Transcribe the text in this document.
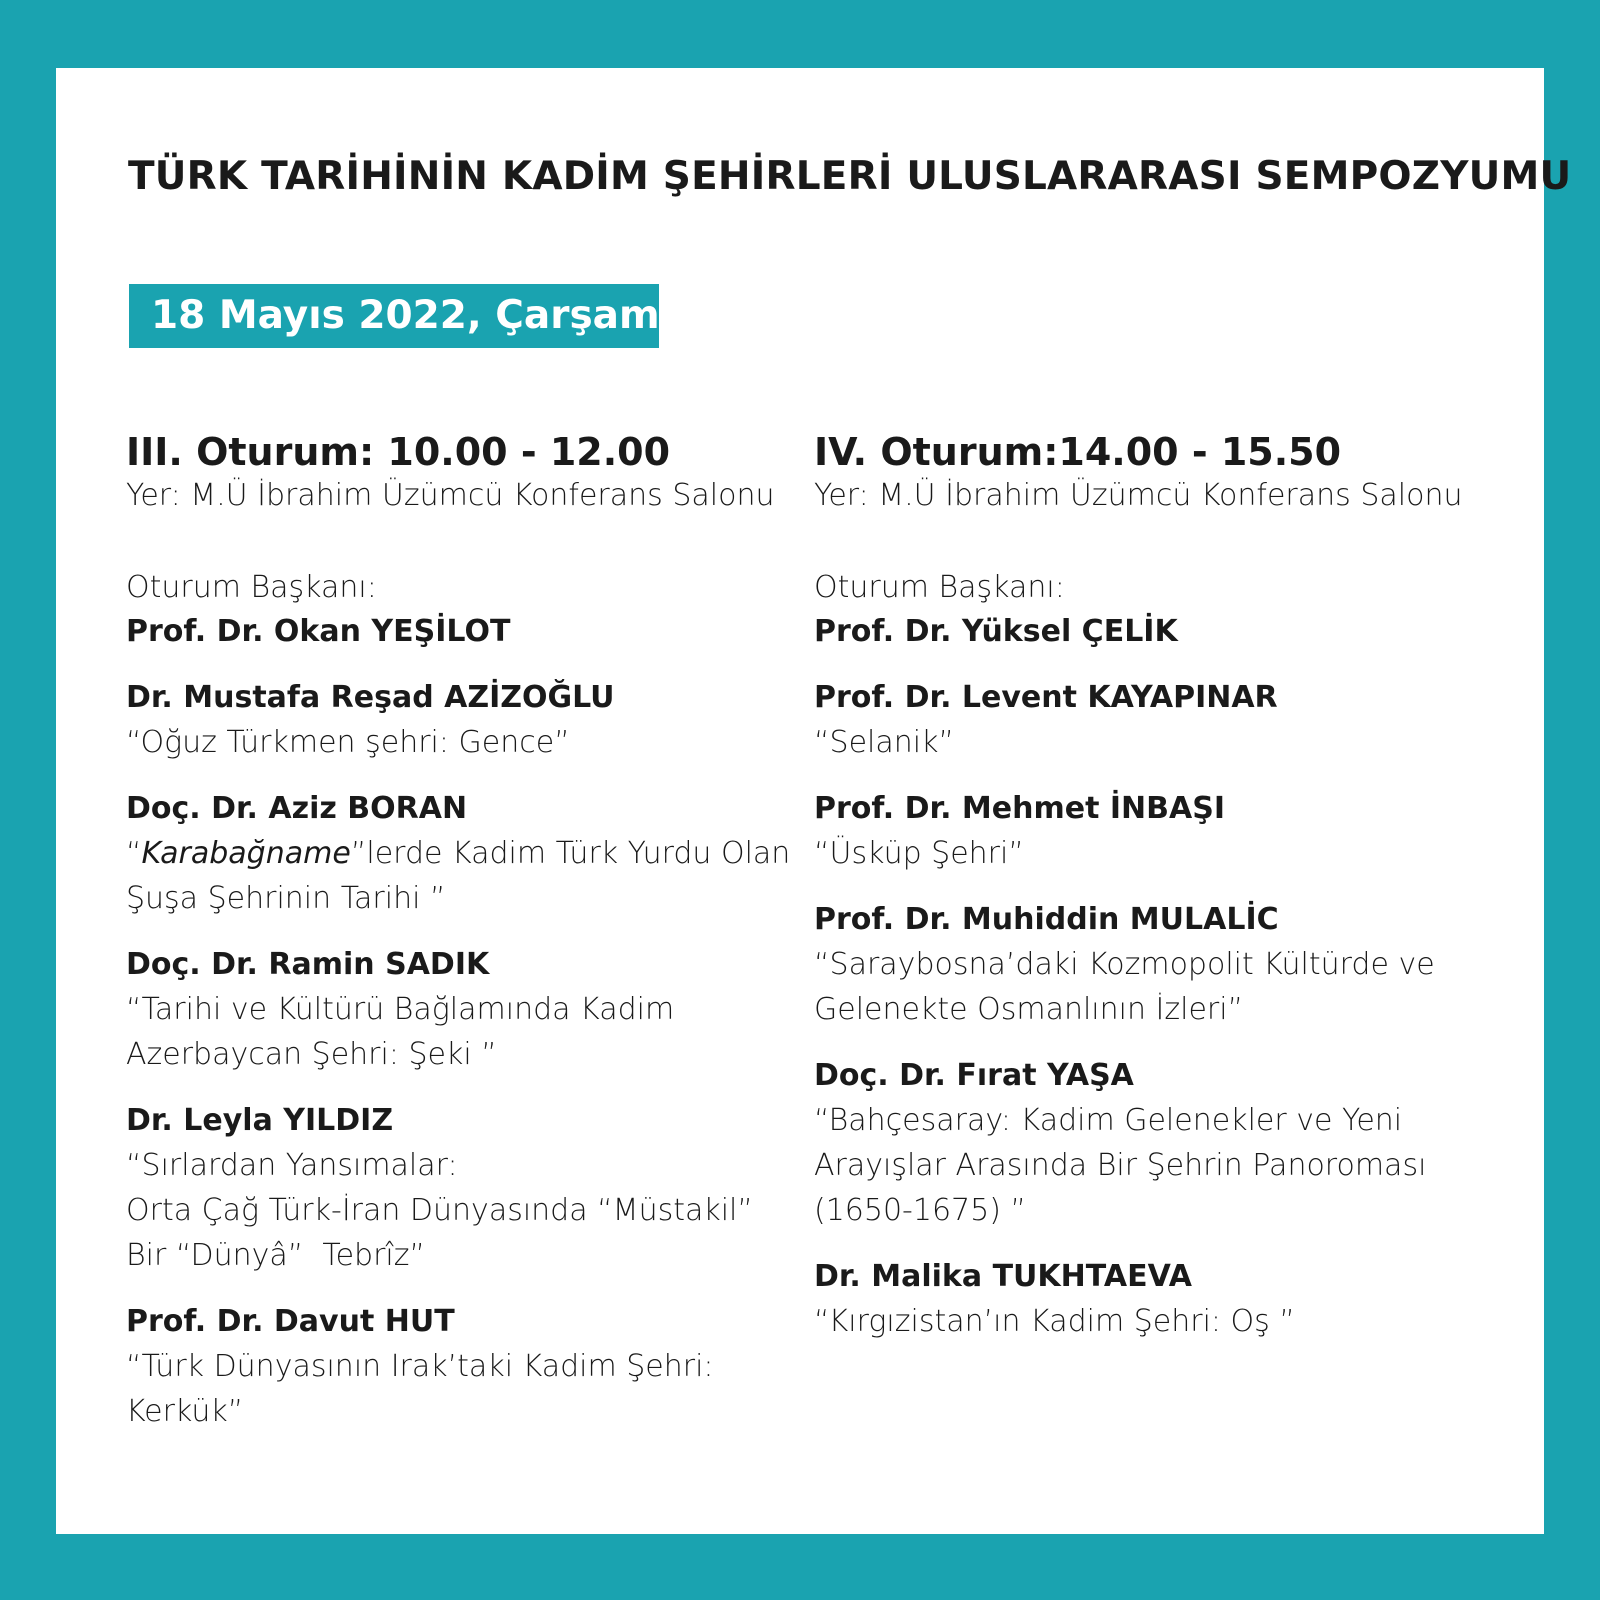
TÜRK TARİHİNİN KADİM ŞEHİRLERİ ULUSLARARASI SEMPOZYUMU
18 Mayıs 2022, Çarşamba
III. Oturum: 10.00 - 12.00
Yer: M.Ü İbrahim Üzümcü Konferans Salonu
Oturum Başkanı:
Prof. Dr. Okan YEŞİLOT
Dr. Mustafa Reşad AZİZOĞLU
“Oğuz Türkmen şehri: Gence”
Doç. Dr. Aziz BORAN
“Karabağname”lerde Kadim Türk Yurdu Olan Şuşa Şehrinin Tarihi ”
Doç. Dr. Ramin SADIK
“Tarihi ve Kültürü Bağlamında Kadim Azerbaycan Şehri: Şeki ”
Dr. Leyla YILDIZ
“Sırlardan Yansımalar:
Orta Çağ Türk-İran Dünyasında “Müstakil”
Bir “Dünyâ”  Tebrîz”
Prof. Dr. Davut HUT
“Türk Dünyasının Irak’taki Kadim Şehri: Kerkük”
IV. Oturum:14.00 - 15.50
Yer: M.Ü İbrahim Üzümcü Konferans Salonu
Oturum Başkanı:
Prof. Dr. Yüksel ÇELİK
Prof. Dr. Levent KAYAPINAR
“Selanik”
Prof. Dr. Mehmet İNBAŞI
“Üsküp Şehri”
Prof. Dr. Muhiddin MULALİC
“Saraybosna’daki Kozmopolit Kültürde ve Gelenekte Osmanlının İzleri”
Doç. Dr. Fırat YAŞA
“Bahçesaray: Kadim Gelenekler ve Yeni Arayışlar Arasında Bir Şehrin Panoroması (1650-1675) ”
Dr. Malika TUKHTAEVA
“Kırgızistan’ın Kadim Şehri: Oş ”
